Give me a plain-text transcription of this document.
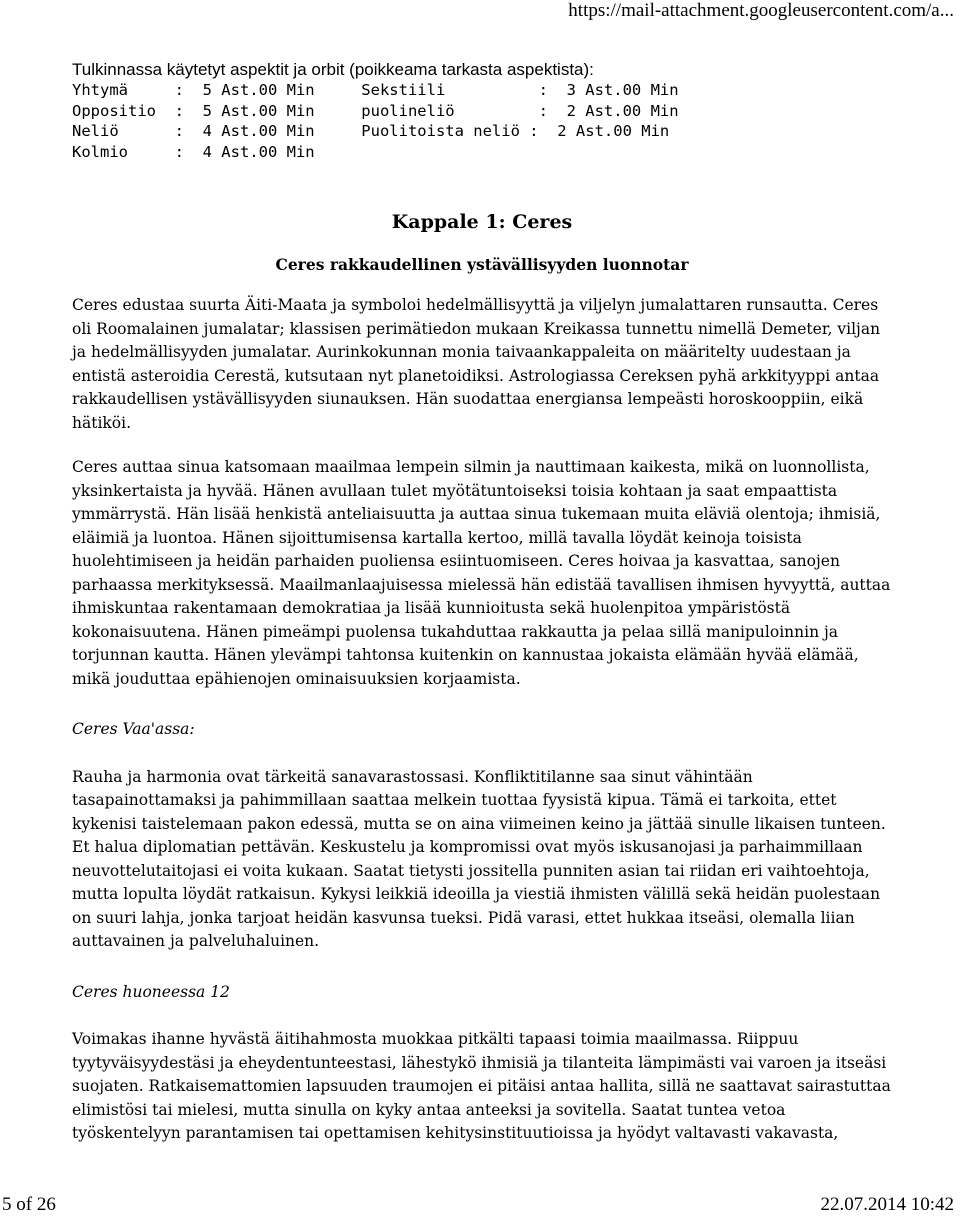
https://mail-attachment.googleusercontent.com/a...

Tulkinnassa käytetyt aspektit ja orbit (poikkeama tarkasta aspektista):

Yhtymä     :  5 Ast.00 Min     Sekstiili          :  3 Ast.00 Min

Oppositio  :  5 Ast.00 Min     puolineliö         :  2 Ast.00 Min

Neliö      :  4 Ast.00 Min     Puolitoista neliö :  2 Ast.00 Min

Kolmio     :  4 Ast.00 Min

Kappale 1: Ceres
Ceres rakkaudellinen ystävällisyyden luonnotar

Ceres edustaa suurta Äiti-Maata ja symboloi hedelmällisyyttä ja viljelyn jumalattaren runsautta. Ceres oli Roomalainen jumalatar; klassisen perimätiedon mukaan Kreikassa tunnettu nimellä Demeter, viljan ja hedelmällisyyden jumalatar. Aurinkokunnan monia taivaankappaleita on määritelty uudestaan ja entistä asteroidia Cerestä, kutsutaan nyt planetoidiksi. Astrologiassa Cereksen pyhä arkkityyppi antaa rakkaudellisen ystävällisyyden siunauksen. Hän suodattaa energiansa lempeästi horoskooppiin, eikä hätiköi.

Ceres auttaa sinua katsomaan maailmaa lempein silmin ja nauttimaan kaikesta, mikä on luonnollista, yksinkertaista ja hyvää. Hänen avullaan tulet myötätuntoiseksi toisia kohtaan ja saat empaattista ymmärrystä. Hän lisää henkistä anteliaisuutta ja auttaa sinua tukemaan muita eläviä olentoja; ihmisiä, eläimiä ja luontoa. Hänen sijoittumisensa kartalla kertoo, millä tavalla löydät keinoja toisista huolehtimiseen ja heidän parhaiden puoliensa esiintuomiseen. Ceres hoivaa ja kasvattaa, sanojen parhaassa merkityksessä. Maailmanlaajuisessa mielessä hän edistää tavallisen ihmisen hyvyyttä, auttaa ihmiskuntaa rakentamaan demokratiaa ja lisää kunnioitusta sekä huolenpitoa ympäristöstä kokonaisuutena. Hänen pimeämpi puolensa tukahduttaa rakkautta ja pelaa sillä manipuloinnin ja torjunnan kautta. Hänen ylevämpi tahtonsa kuitenkin on kannustaa jokaista elämään hyvää elämää, mikä jouduttaa epähienojen ominaisuuksien korjaamista.

Ceres Vaa'assa:

Rauha ja harmonia ovat tärkeitä sanavarastossasi. Konfliktitilanne saa sinut vähintään tasapainottamaksi ja pahimmillaan saattaa melkein tuottaa fyysistä kipua. Tämä ei tarkoita, ettet kykenisi taistelemaan pakon edessä, mutta se on aina viimeinen keino ja jättää sinulle likaisen tunteen. Et halua diplomatian pettävän. Keskustelu ja kompromissi ovat myös iskusanojasi ja parhaimmillaan neuvottelutaitojasi ei voita kukaan. Saatat tietysti jossitella punniten asian tai riidan eri vaihtoehtoja, mutta lopulta löydät ratkaisun. Kykysi leikkiä ideoilla ja viestiä ihmisten välillä sekä heidän puolestaan on suuri lahja, jonka tarjoat heidän kasvunsa tueksi. Pidä varasi, ettet hukkaa itseäsi, olemalla liian auttavainen ja palveluhaluinen.

Ceres huoneessa 12

Voimakas ihanne hyvästä äitihahmosta muokkaa pitkälti tapaasi toimia maailmassa. Riippuu tyytyväisyydestäsi ja eheydentunteestasi, lähestykö ihmisiä ja tilanteita lämpimästi vai varoen ja itseäsi suojaten. Ratkaisemattomien lapsuuden traumojen ei pitäisi antaa hallita, sillä ne saattavat sairastuttaa elimistösi tai mielesi, mutta sinulla on kyky antaa anteeksi ja sovitella. Saatat tuntea vetoa työskentelyyn parantamisen tai opettamisen kehitysinstituutioissa ja hyödyt valtavasti vakavasta,

5 of 26	22.07.2014 10:42
